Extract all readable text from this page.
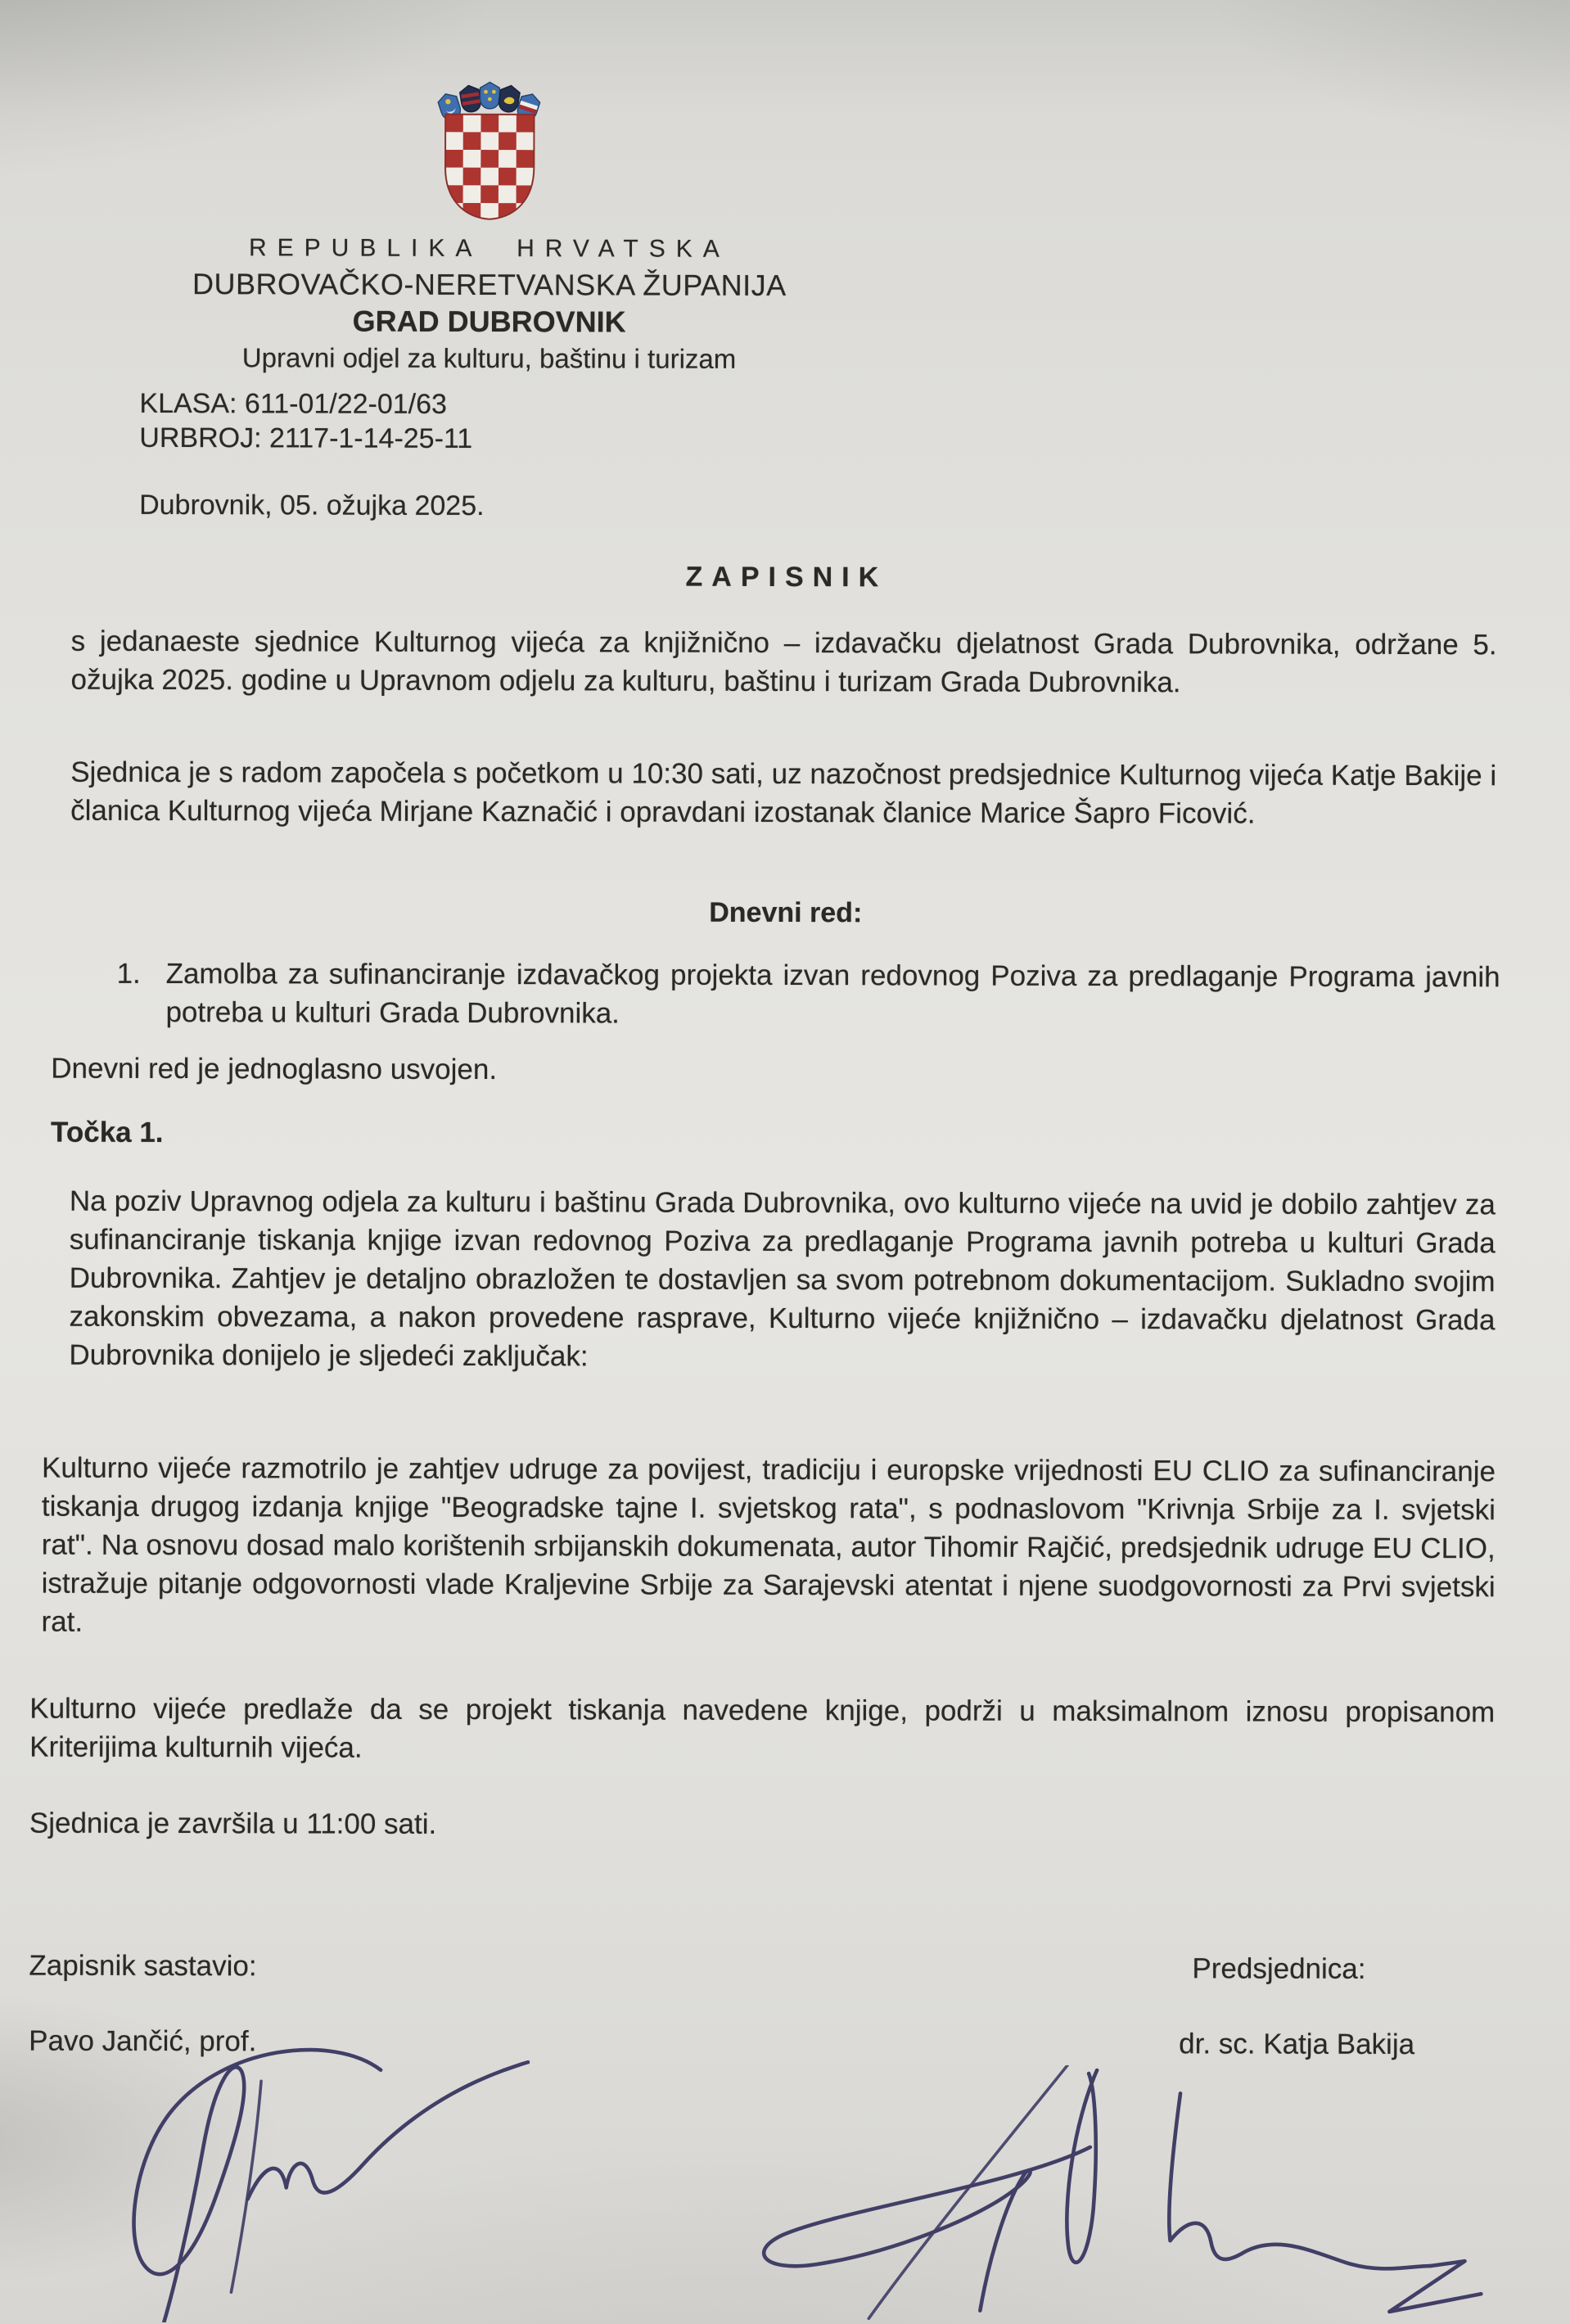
REPUBLIKA HRVATSKA
DUBROVAČKO-NERETVANSKA ŽUPANIJA
GRAD DUBROVNIK
Upravni odjel za kulturu, baštinu i turizam
KLASA: 611-01/22-01/63
URBROJ: 2117-1-14-25-11
Dubrovnik, 05. ožujka 2025.
ZAPISNIK

s jedanaeste sjednice Kulturnog vijeća za knjižnično – izdavačku djelatnost Grada Dubrovnika, održane 5. ožujka 2025. godine u Upravnom odjelu za kulturu, baštinu i turizam Grada Dubrovnika.

Sjednica je s radom započela s početkom u 10:30 sati, uz nazočnost predsjednice Kulturnog vijeća Katje Bakije i članica Kulturnog vijeća Mirjane Kaznačić i opravdani izostanak članice Marice Šapro Ficović.

Dnevni red:
1. Zamolba za sufinanciranje izdavačkog projekta izvan redovnog Poziva za predlaganje Programa javnih potreba u kulturi Grada Dubrovnika.

Dnevni red je jednoglasno usvojen.

Točka 1.

Na poziv Upravnog odjela za kulturu i baštinu Grada Dubrovnika, ovo kulturno vijeće na uvid je dobilo zahtjev za sufinanciranje tiskanja knjige izvan redovnog Poziva za predlaganje Programa javnih potreba u kulturi Grada Dubrovnika. Zahtjev je detaljno obrazložen te dostavljen sa svom potrebnom dokumentacijom. Sukladno svojim zakonskim obvezama, a nakon provedene rasprave, Kulturno vijeće knjižnično – izdavačku djelatnost Grada Dubrovnika donijelo je sljedeći zaključak:

Kulturno vijeće razmotrilo je zahtjev udruge za povijest, tradiciju i europske vrijednosti EU CLIO za sufinanciranje tiskanja drugog izdanja knjige "Beogradske tajne I. svjetskog rata", s podnaslovom "Krivnja Srbije za I. svjetski rat". Na osnovu dosad malo korištenih srbijanskih dokumenata, autor Tihomir Rajčić, predsjednik udruge EU CLIO, istražuje pitanje odgovornosti vlade Kraljevine Srbije za Sarajevski atentat i njene suodgovornosti za Prvi svjetski rat.

Kulturno vijeće predlaže da se projekt tiskanja navedene knjige, podrži u maksimalnom iznosu propisanom Kriterijima kulturnih vijeća.

Sjednica je završila u 11:00 sati.

Zapisnik sastavio:	Predsjednica:
Pavo Jančić, prof.	dr. sc. Katja Bakija
